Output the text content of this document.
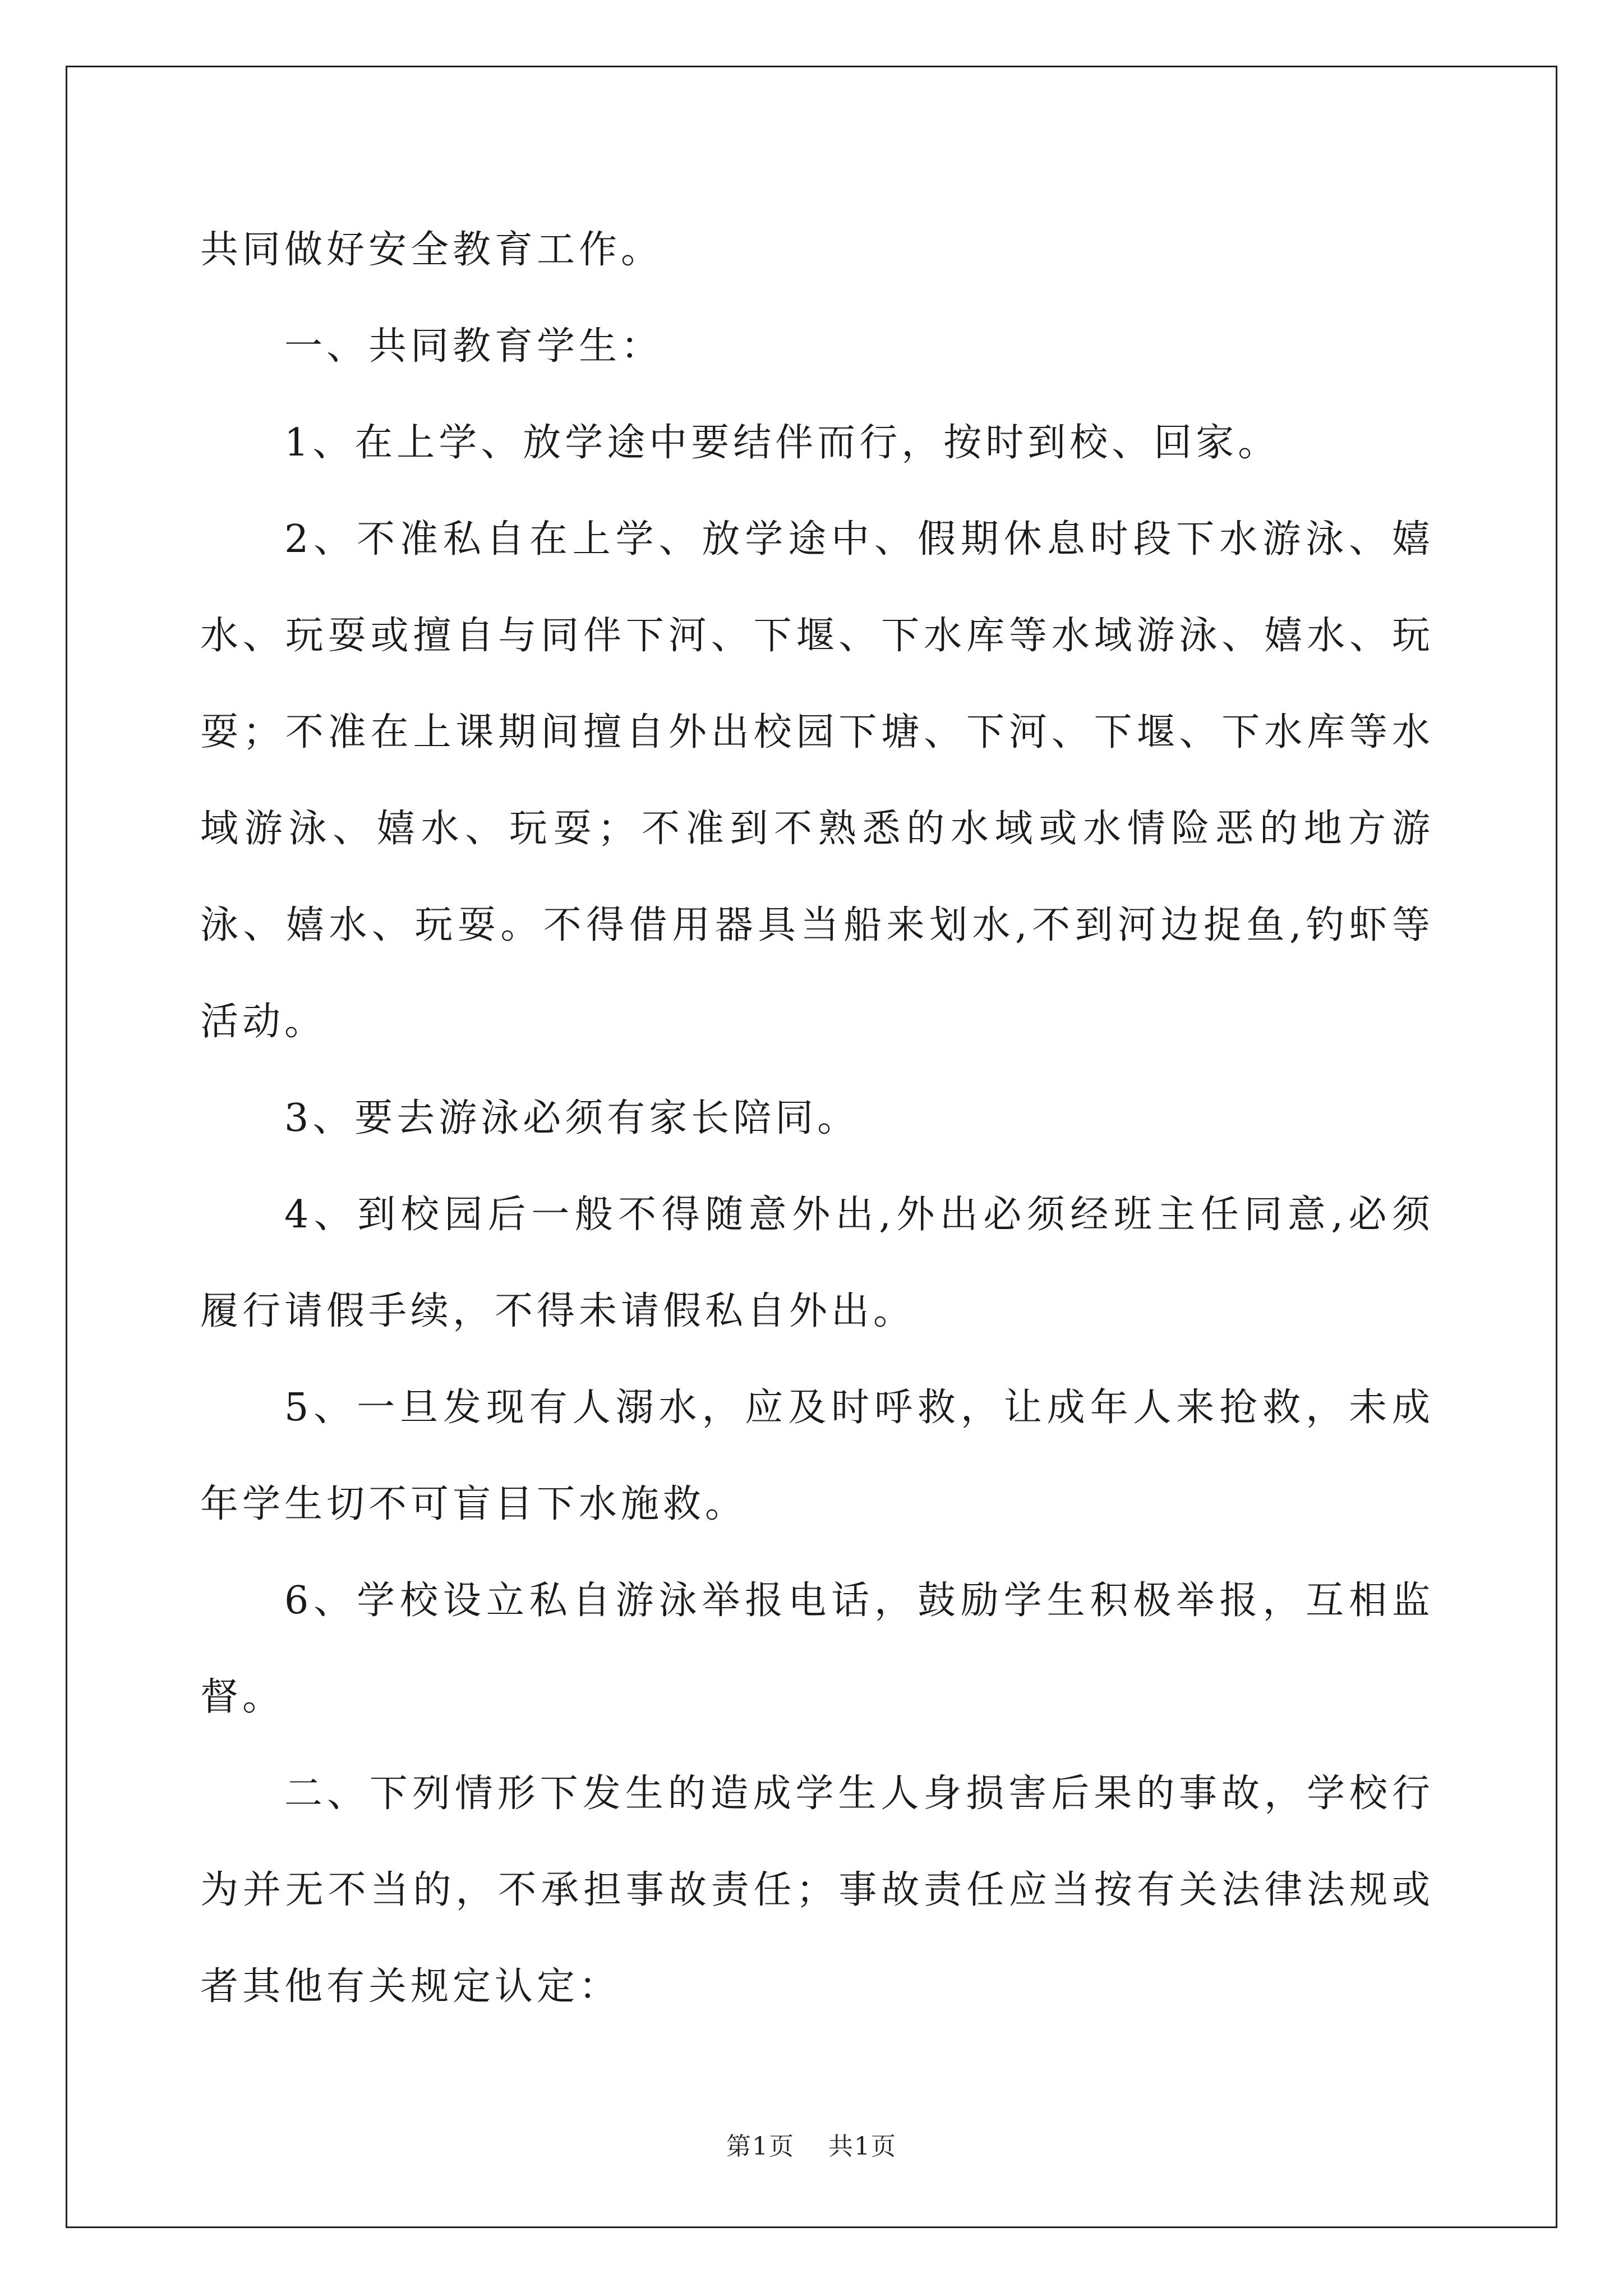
共同做好安全教育工作。

一、共同教育学生：

1、在上学、放学途中要结伴而行，按时到校、回家。

2、不准私自在上学、放学途中、假期休息时段下水游泳、嬉水、玩耍或擅自与同伴下河、下堰、下水库等水域游泳、嬉水、玩耍；不准在上课期间擅自外出校园下塘、下河、下堰、下水库等水域游泳、嬉水、玩耍；不准到不熟悉的水域或水情险恶的地方游泳、嬉水、玩耍。不得借用器具当船来划水,不到河边捉鱼,钓虾等活动。

3、要去游泳必须有家长陪同。

4、到校园后一般不得随意外出,外出必须经班主任同意,必须履行请假手续，不得未请假私自外出。

5、一旦发现有人溺水，应及时呼救，让成年人来抢救，未成年学生切不可盲目下水施救。

6、学校设立私自游泳举报电话，鼓励学生积极举报，互相监督。

二、下列情形下发生的造成学生人身损害后果的事故，学校行为并无不当的，不承担事故责任；事故责任应当按有关法律法规或者其他有关规定认定：

第1页 共1页
